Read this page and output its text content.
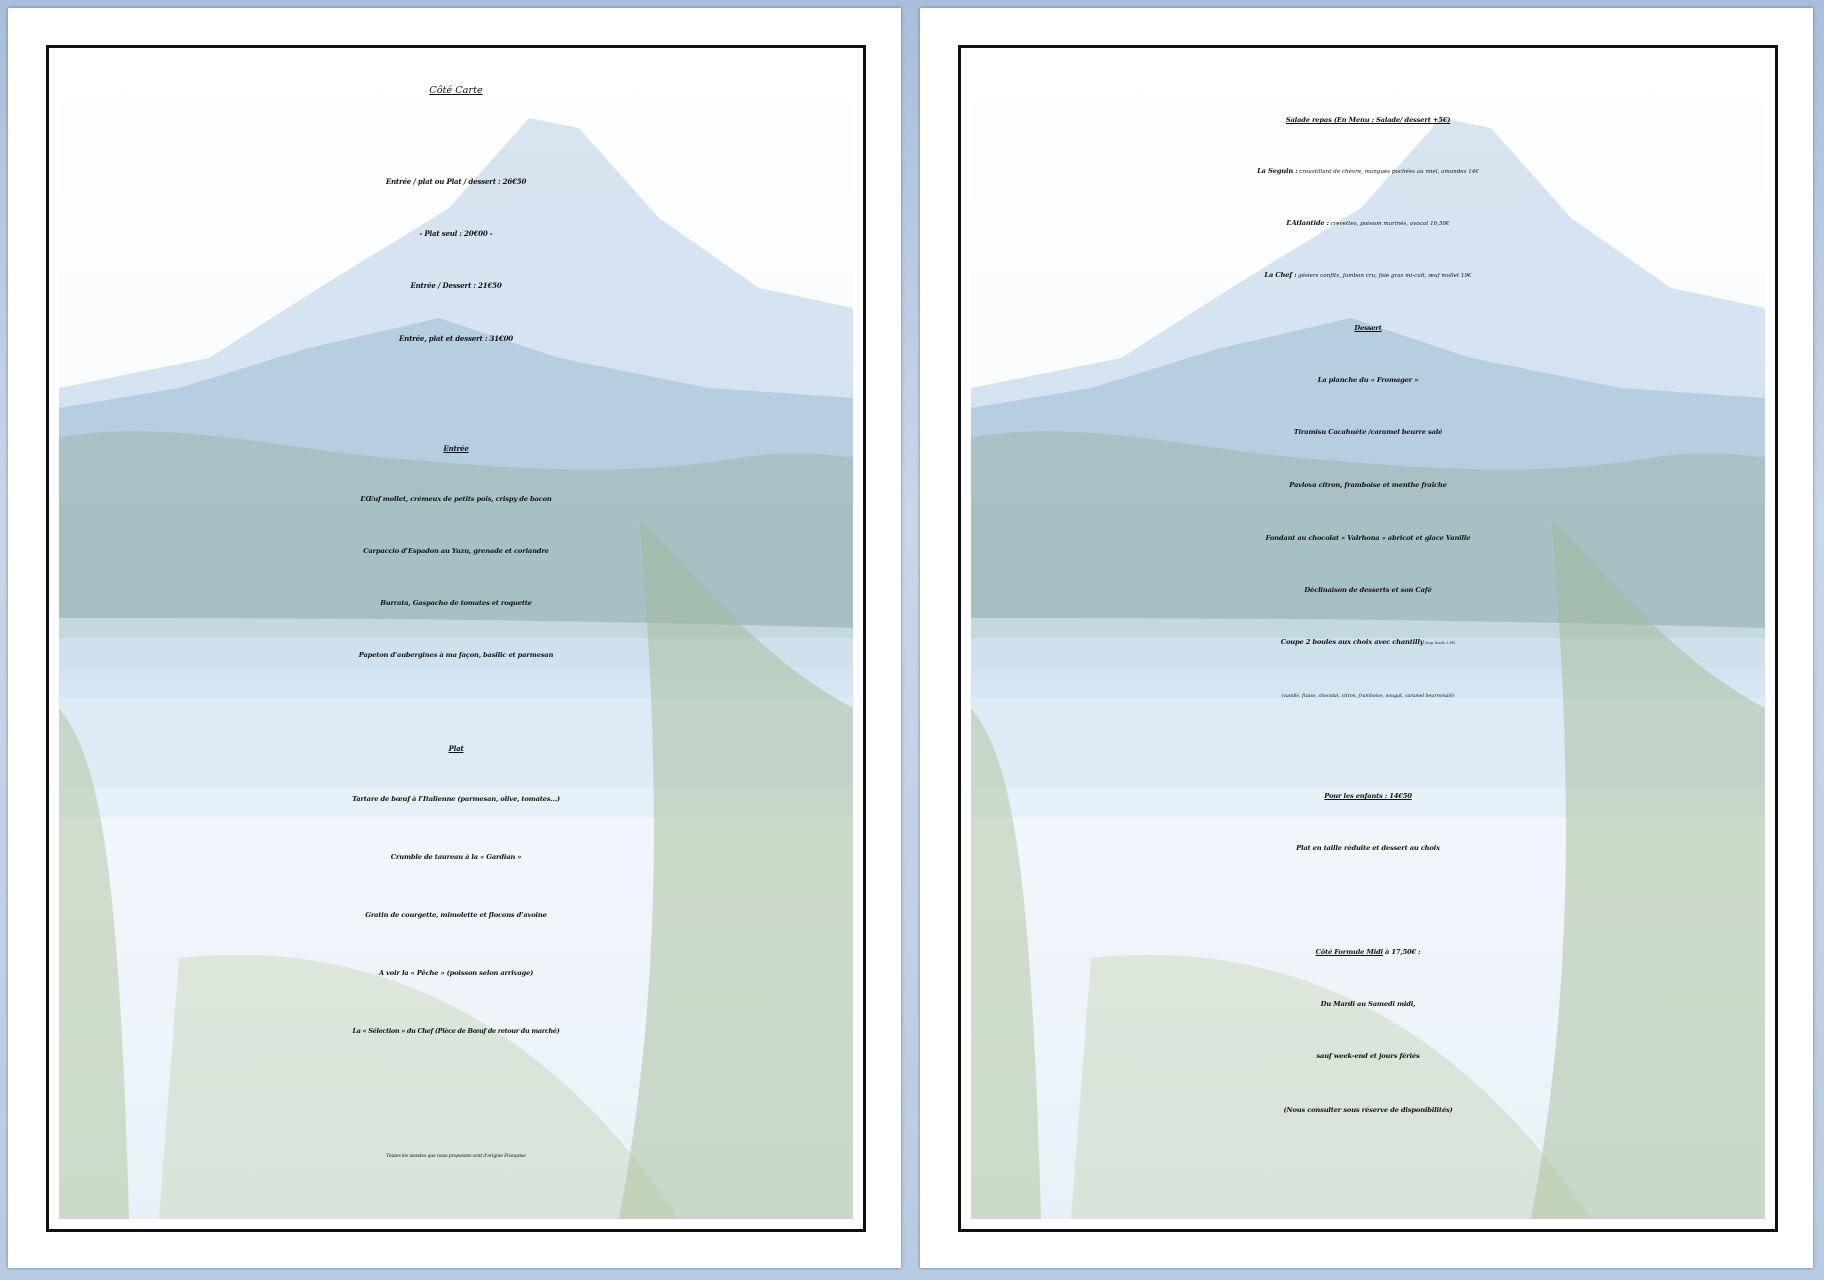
Côté Carte
Entrée / plat ou Plat / dessert : 26€50
- Plat seul : 20€00 -
Entrée / Dessert : 21€50
Entrée, plat et dessert : 31€00
Entrée
L’Œuf mollet, crémeux de petits pois, crispy de bacon
Carpaccio d’Espadon au Yuzu, grenade et coriandre
Burrata, Gaspacho de tomates et roquette
Papeton d’aubergines à ma façon, basilic et parmesan
Plat
Tartare de bœuf à l’Italienne (parmesan, olive, tomates…)
Crumble de taureau à la « Gardian »
Gratin de courgette, mimolette et flocons d’avoine
A voir la « Pêche » (poisson selon arrivage)
La « Sélection » du Chef (Pièce de Bœuf de retour du marché)
Toutes les viandes que nous proposons sont d’origine Française
Salade repas (En Menu : Salade/ dessert +5€)
La Seguin : croustillant de chèvre, mangues pochées au miel, amandes 14€
L’Atlantide : crevettes, poisson marinés, avocat 16,50€
La Chef : gésiers confits, Jambon cru, foie gras mi-cuit, œuf mollet 19€
Dessert
La planche du « Fromager »
Tiramisu Cacahuète /caramel beurre salé
Pavlova citron, framboise et menthe fraîche
Fondant au chocolat « Valrhona » abricot et glace Vanille
Déclinaison de desserts et son Café
Coupe 2 boules aux choix avec chantilly (sup. boule 2,5€)
(vanille, fraise, chocolat, citron, framboise, nougat, caramel beurre/salé)
Pour les enfants : 14€50
Plat en taille réduite et dessert au choix
Côté Formule Midi à 17,50€ :
Du Mardi au Samedi midi,
sauf week-end et jours fériés
(Nous consulter sous réserve de disponibilités)
